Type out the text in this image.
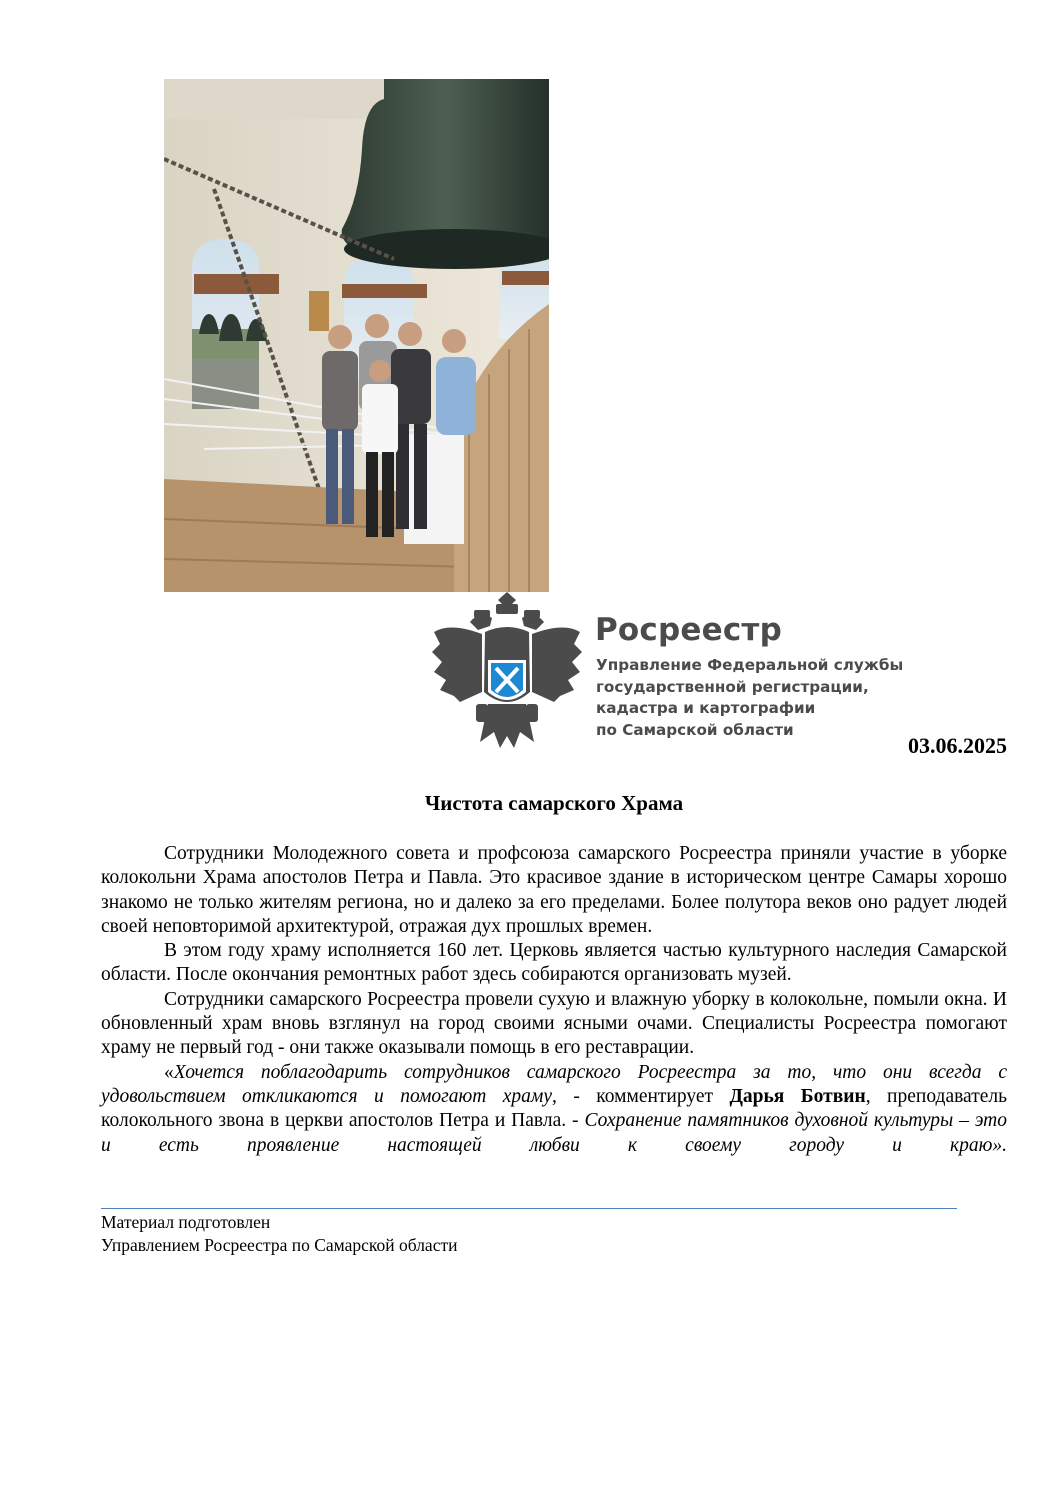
Росреестр
Управление Федеральной службы
государственной регистрации,
кадастра и картографии
по Самарской области
03.06.2025
Чистота самарского Храма

Сотрудники Молодежного совета и профсоюза самарского Росреестра приняли участие в уборке колокольни Храма апостолов Петра и Павла. Это красивое здание в историческом центре Самары хорошо знакомо не только жителям региона, но и далеко за его пределами. Более полутора веков оно радует людей своей неповторимой архитектурой, отражая дух прошлых времен.

В этом году храму исполняется 160 лет. Церковь является частью культурного наследия Самарской области. После окончания ремонтных работ здесь собираются организовать музей.

Сотрудники самарского Росреестра провели сухую и влажную уборку в колокольне, помыли окна. И обновленный храм вновь взглянул на город своими ясными очами. Специалисты Росреестра помогают храму не первый год - они также оказывали помощь в его реставрации.

«Хочется поблагодарить сотрудников самарского Росреестра за то, что они всегда с удовольствием откликаются и помогают храму, - комментирует Дарья Ботвин, преподаватель колокольного звона в церкви апостолов Петра и Павла. - Сохранение памятников духовной культуры – это и есть проявление настоящей любви к своему городу и краю».

Материал подготовлен
Управлением Росреестра по Самарской области
